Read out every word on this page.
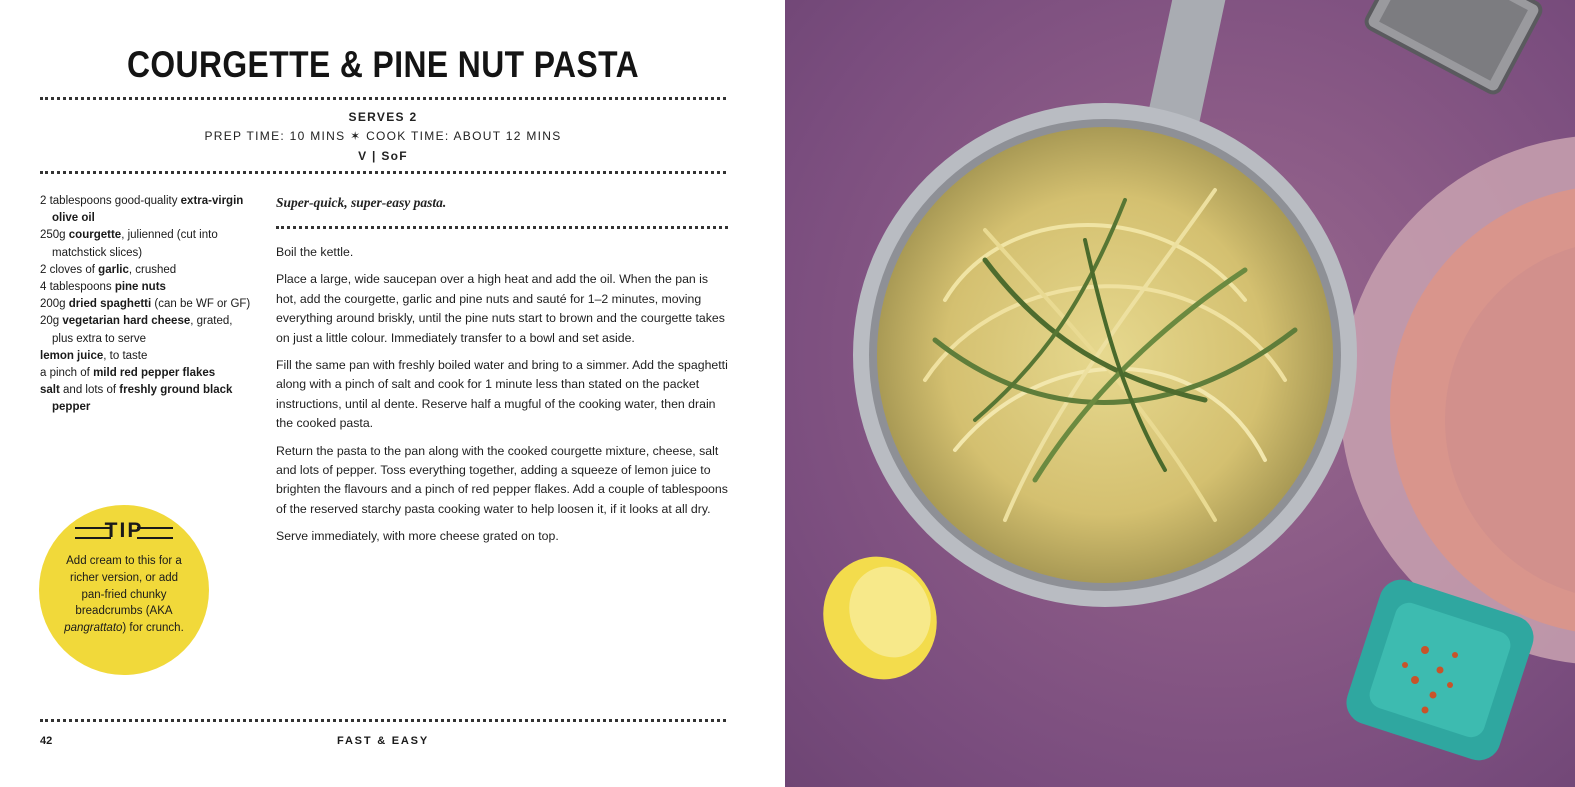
COURGETTE & PINE NUT PASTA
SERVES 2
PREP TIME: 10 MINS ✶ COOK TIME: ABOUT 12 MINS
V | SoF
2 tablespoons good-quality extra-virgin olive oil
250g courgette, julienned (cut into matchstick slices)
2 cloves of garlic, crushed
4 tablespoons pine nuts
200g dried spaghetti (can be WF or GF)
20g vegetarian hard cheese, grated, plus extra to serve
lemon juice, to taste
a pinch of mild red pepper flakes
salt and lots of freshly ground black pepper
Super-quick, super-easy pasta.

Boil the kettle.

Place a large, wide saucepan over a high heat and add the oil. When the pan is hot, add the courgette, garlic and pine nuts and sauté for 1–2 minutes, moving everything around briskly, until the pine nuts start to brown and the courgette takes on just a little colour. Immediately transfer to a bowl and set aside.

Fill the same pan with freshly boiled water and bring to a simmer. Add the spaghetti along with a pinch of salt and cook for 1 minute less than stated on the packet instructions, until al dente. Reserve half a mugful of the cooking water, then drain the cooked pasta.

Return the pasta to the pan along with the cooked courgette mixture, cheese, salt and lots of pepper. Toss everything together, adding a squeeze of lemon juice to brighten the flavours and a pinch of red pepper flakes. Add a couple of tablespoons of the reserved starchy pasta cooking water to help loosen it, if it looks at all dry.

Serve immediately, with more cheese grated on top.

TIP
Add cream to this for a richer version, or add pan-fried chunky breadcrumbs (AKA pangrattato) for crunch.
42	FAST & EASY
